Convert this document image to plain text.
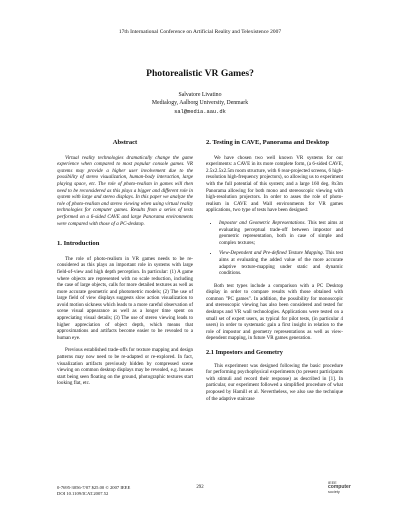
17th International Conference on Artificial Reality and Telexistence 2007
Photorealistic VR Games?
Salvatore Livatino
Medialogy, Aalborg University, Denmark
sal@media.aau.dk
Abstract

Virtual reality technologies dramatically change the game experience when compared to most popular console games. VR systems may provide a higher user involvement due to the possibility of stereo visualization, human-body interaction, large playing space, etc. The role of photo-realism in games will then need to be reconsidered as this plays a bigger and different role in system with large and stereo displays. In this paper we analyze the role of photo-realism and stereo viewing when using virtual reality technologies for computer games. Results from a series of tests performed on a 6-sided CAVE and large Panorama environments were compared with those of a PC-desktop.

1. Introduction

The role of photo-realism in VR games needs to be re-considered as this plays an important role in systems with large field-of-view and high depth perception. In particular: (1) A game where objects are represented with no scale reduction, including the case of large objects, calls for more detailed textures as well as more accurate geometric and photometric models; (2) The use of large field of view displays suggests slow action visualization to avoid motion sickness which leads to a more careful observation of scene visual appearance as well as a longer time spent on appreciating visual details; (3) The use of stereo viewing leads to higher appreciation of object depth, which means that approximations and artifacts become easier to be revealed to a human eye.

Previous established trade-offs for texture mapping and design patterns may now need to be re-adapted or re-explored. In fact, visualization artifacts previously hidden by compressed scene viewing on common desktop displays may be revealed, e.g. houses start being seen floating on the ground, photographic textures start looking flat, etc.

2. Testing in CAVE, Panorama and Desktop

We have chosen two well known VR systems for our experiments: a CAVE in its more complete form, (a 6-sided CAVE, 2.5x2.5x2.5m room structure, with 6 rear-projected screens, 6 high-resolution high-frequency projectors), so allowing us to experiment with the full potential of this system; and a large 160 deg. 8x3m Panorama allowing for both mono and stereoscopic viewing with high-resolution projectors. In order to asses the role of photo-realism in CAVE and Wall environments for VR games applications, two type of tests have been designed:

• Impostor and Geometric Representations. This test aims at evaluating perceptual trade-off between impostor and geometric representation, both in case of simple and complex textures;
• View-Dependent and Pre-defined Texture Mapping. This test aims at evaluating the added value of the more accurate adaptive texture-mapping under static and dynamic conditions.

Both test types include a comparison with a PC Desktop display in order to compare results with those obtained with common "PC games". In addition, the possibility for monoscopic and stereoscopic viewing has also been considered and tested for desktops and VR wall technologies. Applications were tested on a small set of expert users, as typical for pilot tests, (in particular 4 users) in order to systematic gain a first insight in relation to the role of impostor and geometry representations as well as view-dependent mapping, in future VR games generation.

2.1 Impostors and Geometry

This experiment was designed following the basic procedure for performing psychophysical experiments (to present participants with stimuli and record their response) as described in [1]. In particular, our experiment followed a simplified procedure of what proposed by Hamill et al. Nevertheless, we also use the technique of the adaptive staircase

0-7695-3056-7/07 $25.00 © 2007 IEEE
DOI 10.1109/ICAT.2007.52
292
IEEE
computer
society
